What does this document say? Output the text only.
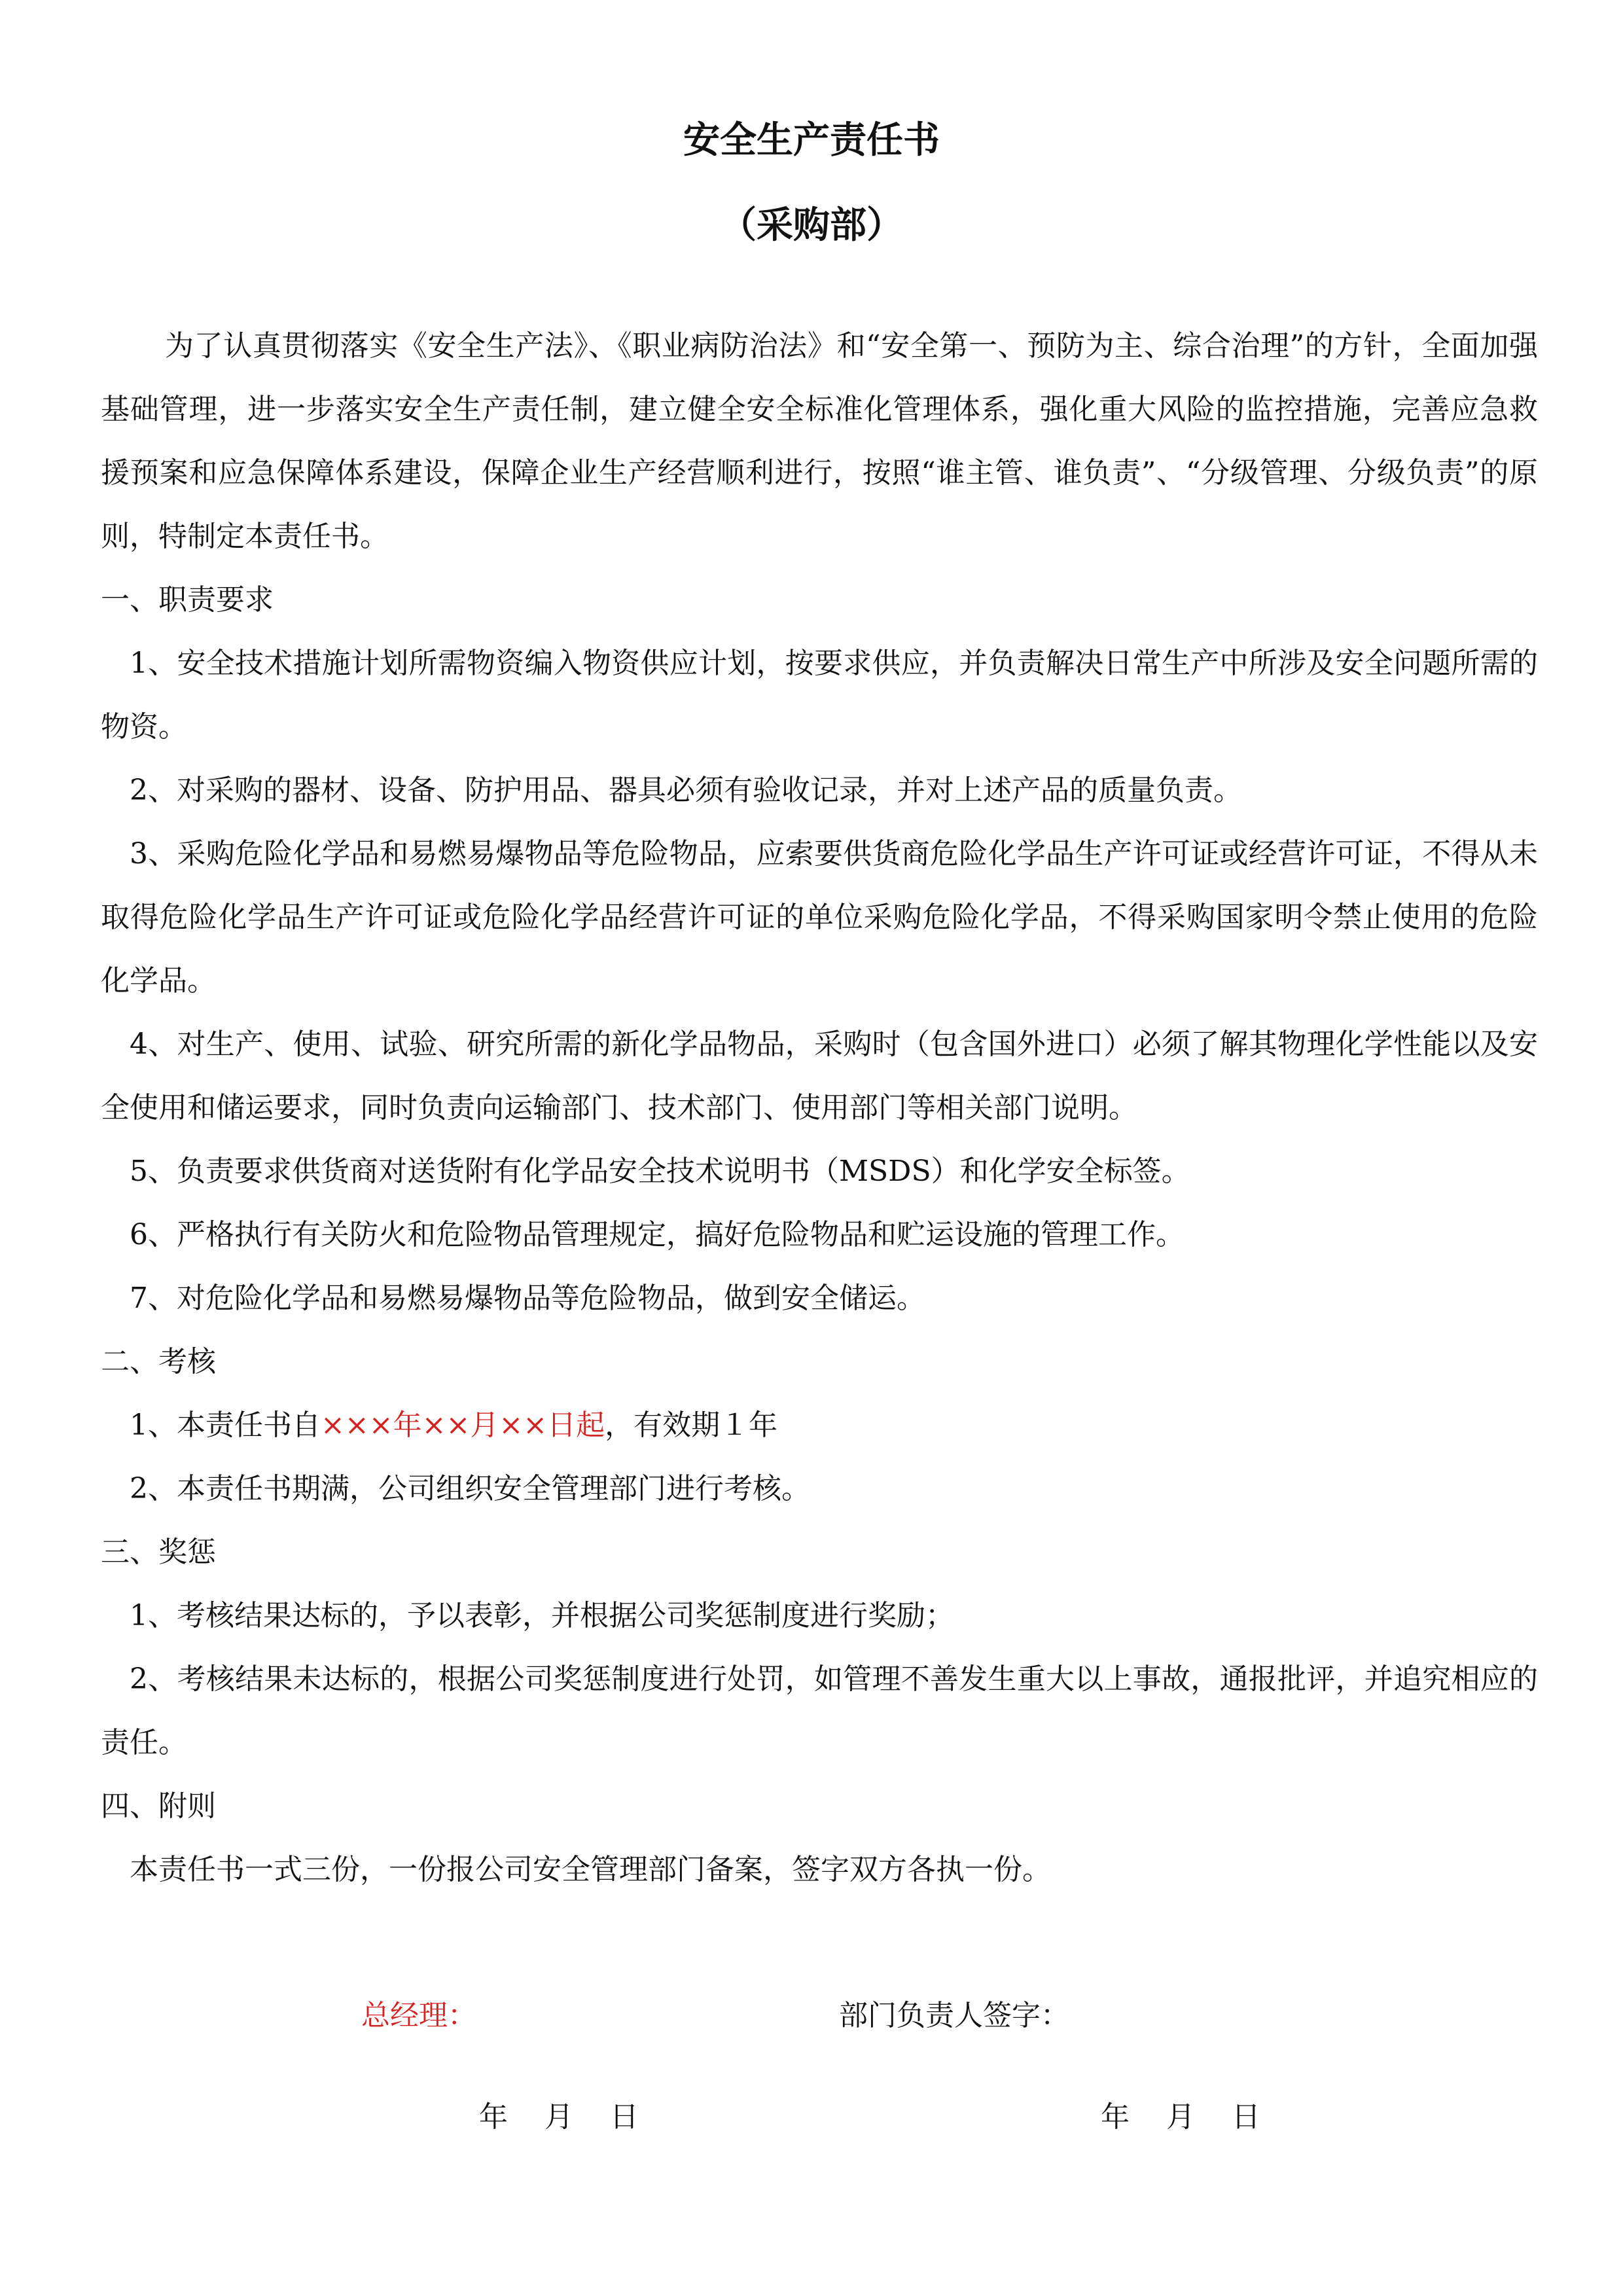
安全生产责任书
（采购部）

为了认真贯彻落实《安全生产法》、《职业病防治法》和“安全第一、预防为主、综合治理”的方针，全面加强基础管理，进一步落实安全生产责任制，建立健全安全标准化管理体系，强化重大风险的监控措施，完善应急救援预案和应急保障体系建设，保障企业生产经营顺利进行，按照“谁主管、谁负责”、“分级管理、分级负责”的原则，特制定本责任书。

一、职责要求

1、安全技术措施计划所需物资编入物资供应计划，按要求供应，并负责解决日常生产中所涉及安全问题所需的物资。

2、对采购的器材、设备、防护用品、器具必须有验收记录，并对上述产品的质量负责。

3、采购危险化学品和易燃易爆物品等危险物品，应索要供货商危险化学品生产许可证或经营许可证，不得从未取得危险化学品生产许可证或危险化学品经营许可证的单位采购危险化学品，不得采购国家明令禁止使用的危险化学品。

4、对生产、使用、试验、研究所需的新化学品物品，采购时（包含国外进口）必须了解其物理化学性能以及安全使用和储运要求，同时负责向运输部门、技术部门、使用部门等相关部门说明。

5、负责要求供货商对送货附有化学品安全技术说明书（MSDS）和化学安全标签。

6、严格执行有关防火和危险物品管理规定，搞好危险物品和贮运设施的管理工作。

7、对危险化学品和易燃易爆物品等危险物品，做到安全储运。

二、考核

1、本责任书自×××年××月××日起，有效期１年

2、本责任书期满，公司组织安全管理部门进行考核。

三、奖惩

1、考核结果达标的，予以表彰，并根据公司奖惩制度进行奖励；

2、考核结果未达标的，根据公司奖惩制度进行处罚，如管理不善发生重大以上事故，通报批评，并追究相应的责任。

四、附则

本责任书一式三份，一份报公司安全管理部门备案，签字双方各执一份。

总经理：	部门负责人签字：
年    月    日	年    月    日
